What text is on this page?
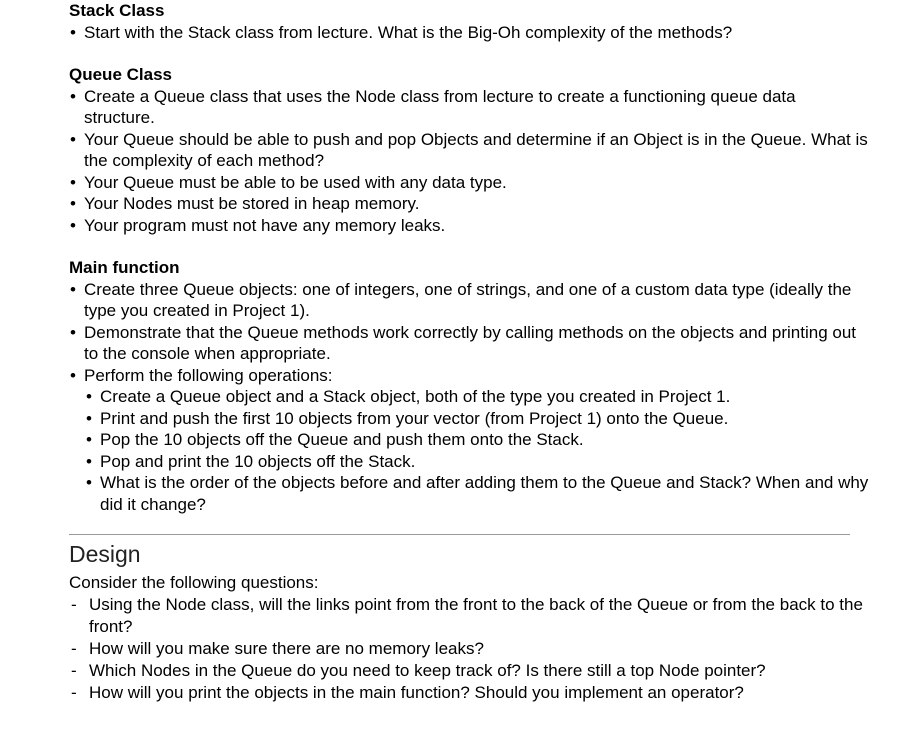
Stack Class
• Start with the Stack class from lecture. What is the Big-Oh complexity of the methods?
Queue Class
• Create a Queue class that uses the Node class from lecture to create a functioning queue data structure.
• Your Queue should be able to push and pop Objects and determine if an Object is in the Queue. What is the complexity of each method?
• Your Queue must be able to be used with any data type.
• Your Nodes must be stored in heap memory.
• Your program must not have any memory leaks.
Main function
• Create three Queue objects: one of integers, one of strings, and one of a custom data type (ideally the type you created in Project 1).
• Demonstrate that the Queue methods work correctly by calling methods on the objects and printing out to the console when appropriate.
• Perform the following operations:
• Create a Queue object and a Stack object, both of the type you created in Project 1.
• Print and push the first 10 objects from your vector (from Project 1) onto the Queue.
• Pop the 10 objects off the Queue and push them onto the Stack.
• Pop and print the 10 objects off the Stack.
• What is the order of the objects before and after adding them to the Queue and Stack? When and why did it change?
Design
Consider the following questions:
- Using the Node class, will the links point from the front to the back of the Queue or from the back to the front?
- How will you make sure there are no memory leaks?
- Which Nodes in the Queue do you need to keep track of? Is there still a top Node pointer?
- How will you print the objects in the main function? Should you implement an operator?
